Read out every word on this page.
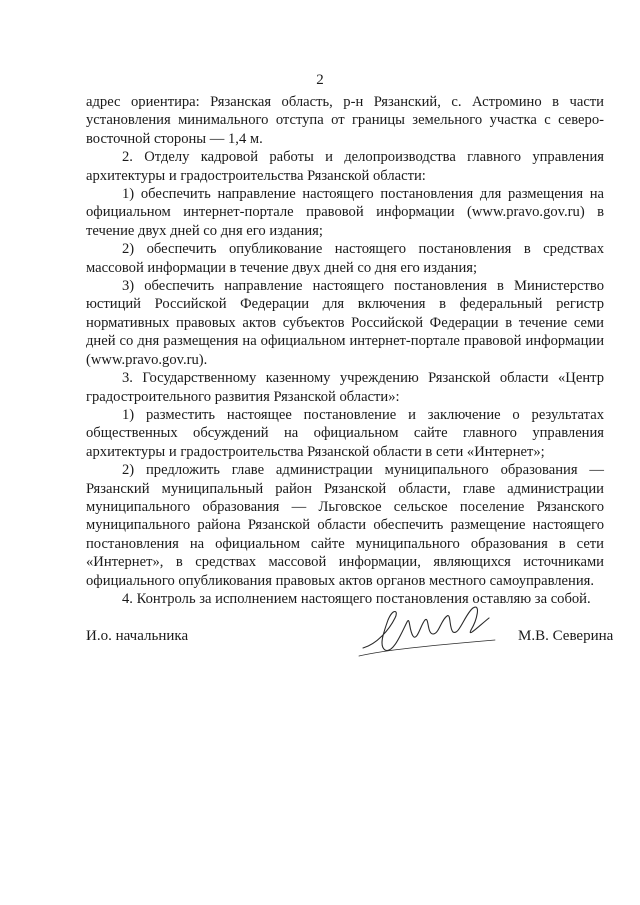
2

адрес ориентира: Рязанская область, р-н Рязанский, с. Астромино в части установления минимального отступа от границы земельного участка с северо-восточной стороны — 1,4 м.

2. Отделу кадровой работы и делопроизводства главного управления архитектуры и градостроительства Рязанской области:

1) обеспечить направление настоящего постановления для размещения на официальном интернет-портале правовой информации (www.pravo.gov.ru) в течение двух дней со дня его издания;

2) обеспечить опубликование настоящего постановления в средствах массовой информации в течение двух дней со дня его издания;

3) обеспечить направление настоящего постановления в Министерство юстиций Российской Федерации для включения в федеральный регистр нормативных правовых актов субъектов Российской Федерации в течение семи дней со дня размещения на официальном интернет-портале правовой информации (www.pravo.gov.ru).

3. Государственному казенному учреждению Рязанской области «Центр градостроительного развития Рязанской области»:

1) разместить настоящее постановление и заключение о результатах общественных обсуждений на официальном сайте главного управления архитектуры и градостроительства Рязанской области в сети «Интернет»;

2) предложить главе администрации муниципального образования — Рязанский муниципальный район Рязанской области, главе администрации муниципального образования — Льговское сельское поселение Рязанского муниципального района Рязанской области обеспечить размещение настоящего постановления на официальном сайте муниципального образования в сети «Интернет», в средствах массовой информации, являющихся источниками официального опубликования правовых актов органов местного самоуправления.

4. Контроль за исполнением настоящего постановления оставляю за собой.

И.о. начальника	М.В. Северина
